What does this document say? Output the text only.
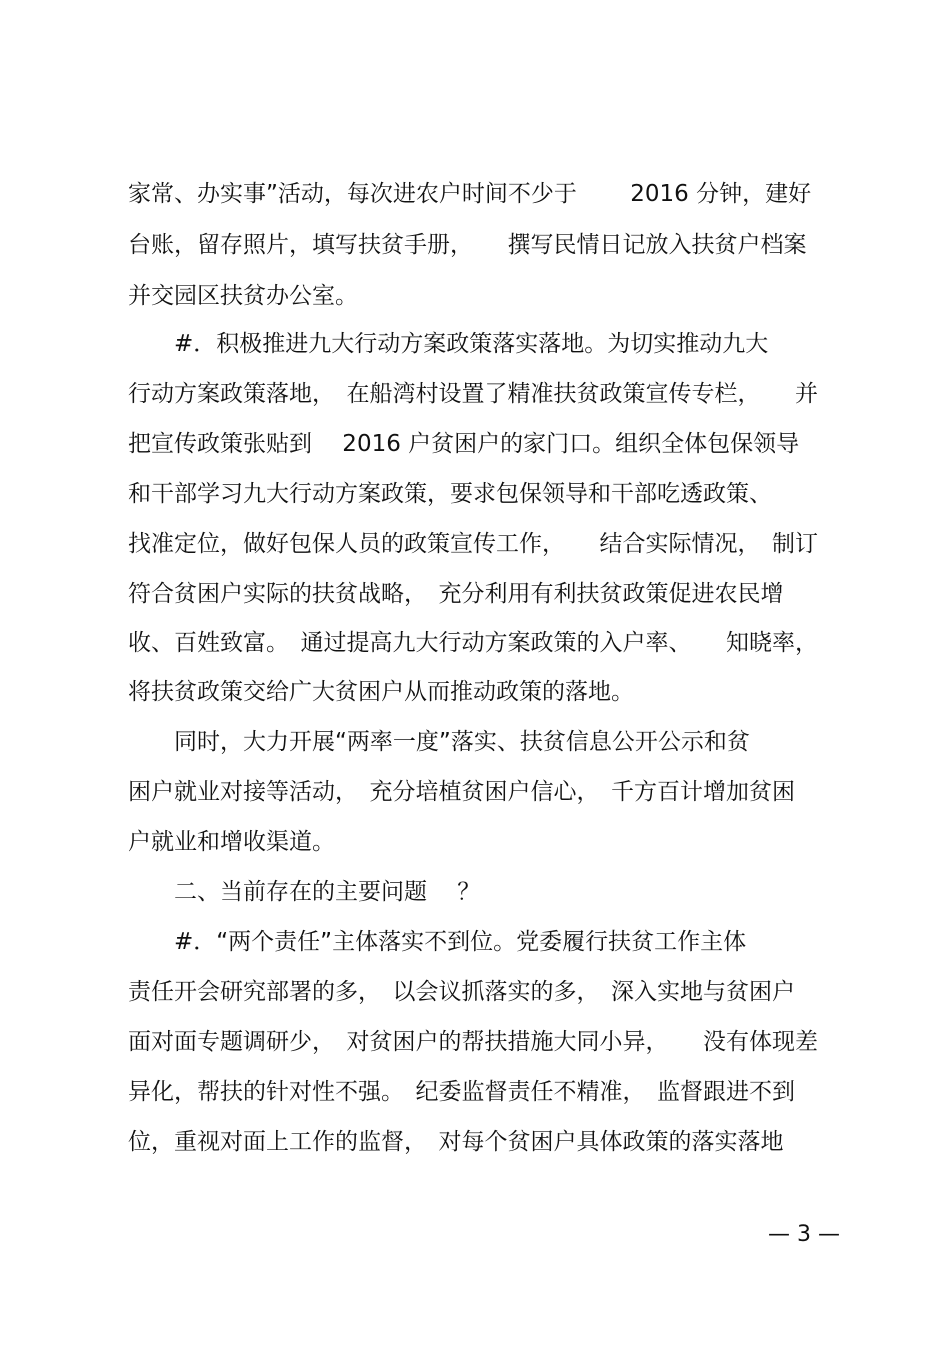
家常、办实事”活动，每次进农户时间不少于　　 2016 分钟，建好
台账，留存照片，填写扶贫手册，　　撰写民情日记放入扶贫户档案
并交园区扶贫办公室。
　　#．积极推进九大行动方案政策落实落地。为切实推动九大
行动方案政策落地，　在船湾村设置了精准扶贫政策宣传专栏，　　并
把宣传政策张贴到　 2016 户贫困户的家门口。组织全体包保领导
和干部学习九大行动方案政策，要求包保领导和干部吃透政策、
找准定位，做好包保人员的政策宣传工作，　　结合实际情况，　制订
符合贫困户实际的扶贫战略，　充分利用有利扶贫政策促进农民增
收、百姓致富。　通过提高九大行动方案政策的入户率、　　知晓率，
将扶贫政策交给广大贫困户从而推动政策的落地。
　　同时，大力开展“两率一度”落实、扶贫信息公开公示和贫
困户就业对接等活动，　充分培植贫困户信心，　千方百计增加贫困
户就业和增收渠道。
　　二、当前存在的主要问题　 ？
　　#．“两个责任”主体落实不到位。党委履行扶贫工作主体
责任开会研究部署的多，　以会议抓落实的多，　深入实地与贫困户
面对面专题调研少，　对贫困户的帮扶措施大同小异，　　没有体现差
异化，帮扶的针对性不强。　纪委监督责任不精准，　监督跟进不到
位，重视对面上工作的监督，　对每个贫困户具体政策的落实落地
— 3 —
